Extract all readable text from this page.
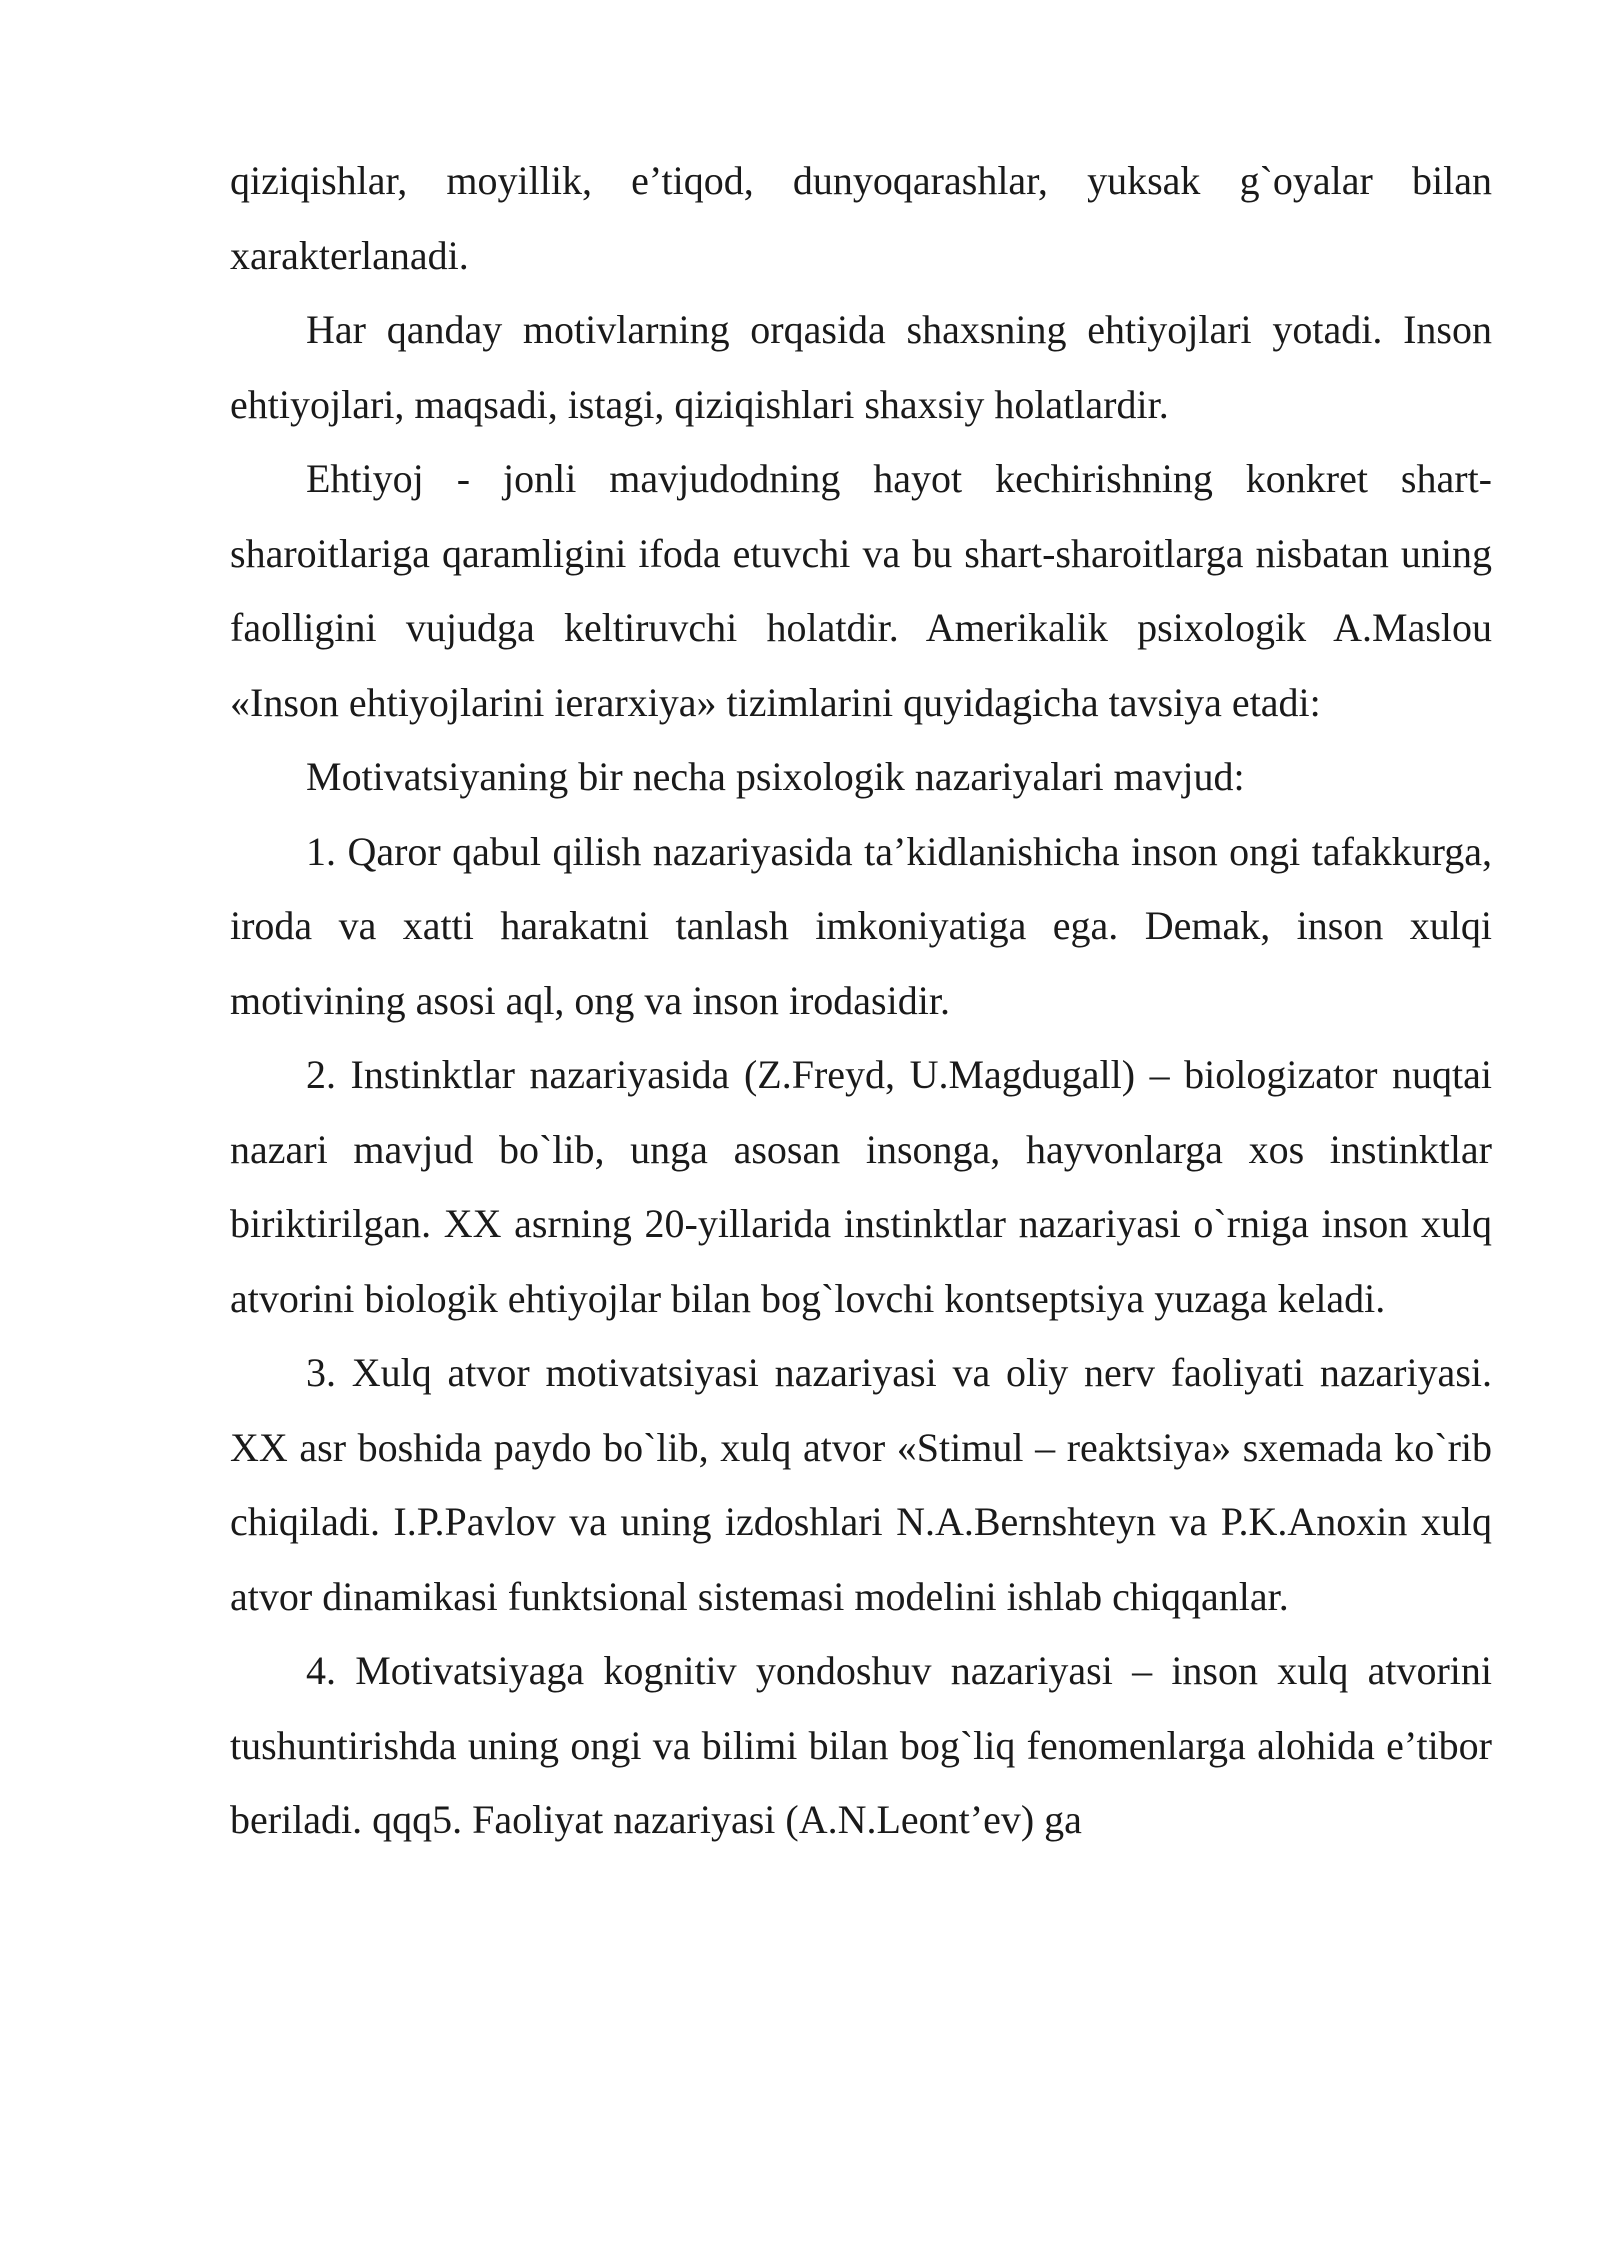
qiziqishlar, moyillik, e’tiqod, dunyoqarashlar, yuksak g`oyalar bilan xarakterlanadi.

Har qanday motivlarning orqasida shaxsning ehtiyojlari yotadi. Inson ehtiyojlari, maqsadi, istagi, qiziqishlari shaxsiy holatlardir.

Ehtiyoj - jonli mavjudodning hayot kechirishning konkret shart-sharoitlariga qaramligini ifoda etuvchi va bu shart-sharoitlarga nisbatan uning faolligini vujudga keltiruvchi holatdir. Amerikalik psixologik A.Maslou «Inson ehtiyojlarini ierarxiya» tizimlarini quyidagicha tavsiya etadi:

Motivatsiyaning bir necha psixologik nazariyalari mavjud:

1. Qaror qabul qilish nazariyasida ta’kidlanishicha inson ongi tafakkurga, iroda va xatti harakatni tanlash imkoniyatiga ega. Demak, inson xulqi motivining asosi aql, ong va inson irodasidir.

2. Instinktlar nazariyasida (Z.Freyd, U.Magdugall) – biologizator nuqtai nazari mavjud bo`lib, unga asosan insonga, hayvonlarga xos instinktlar biriktirilgan. XX asrning 20-yillarida instinktlar nazariyasi o`rniga inson xulq atvorini biologik ehtiyojlar bilan bog`lovchi kontseptsiya yuzaga keladi.

3. Xulq atvor motivatsiyasi nazariyasi va oliy nerv faoliyati nazariyasi. XX asr boshida paydo bo`lib, xulq atvor «Stimul – reaktsiya» sxemada ko`rib chiqiladi. I.P.Pavlov va uning izdoshlari N.A.Bernshteyn va P.K.Anoxin xulq atvor dinamikasi funktsional sistemasi modelini ishlab chiqqanlar.

4. Motivatsiyaga kognitiv yondoshuv nazariyasi – inson xulq atvorini tushuntirishda uning ongi va bilimi bilan bog`liq fenomenlarga alohida e’tibor beriladi. qqq5. Faoliyat nazariyasi (A.N.Leont’ev) ga
